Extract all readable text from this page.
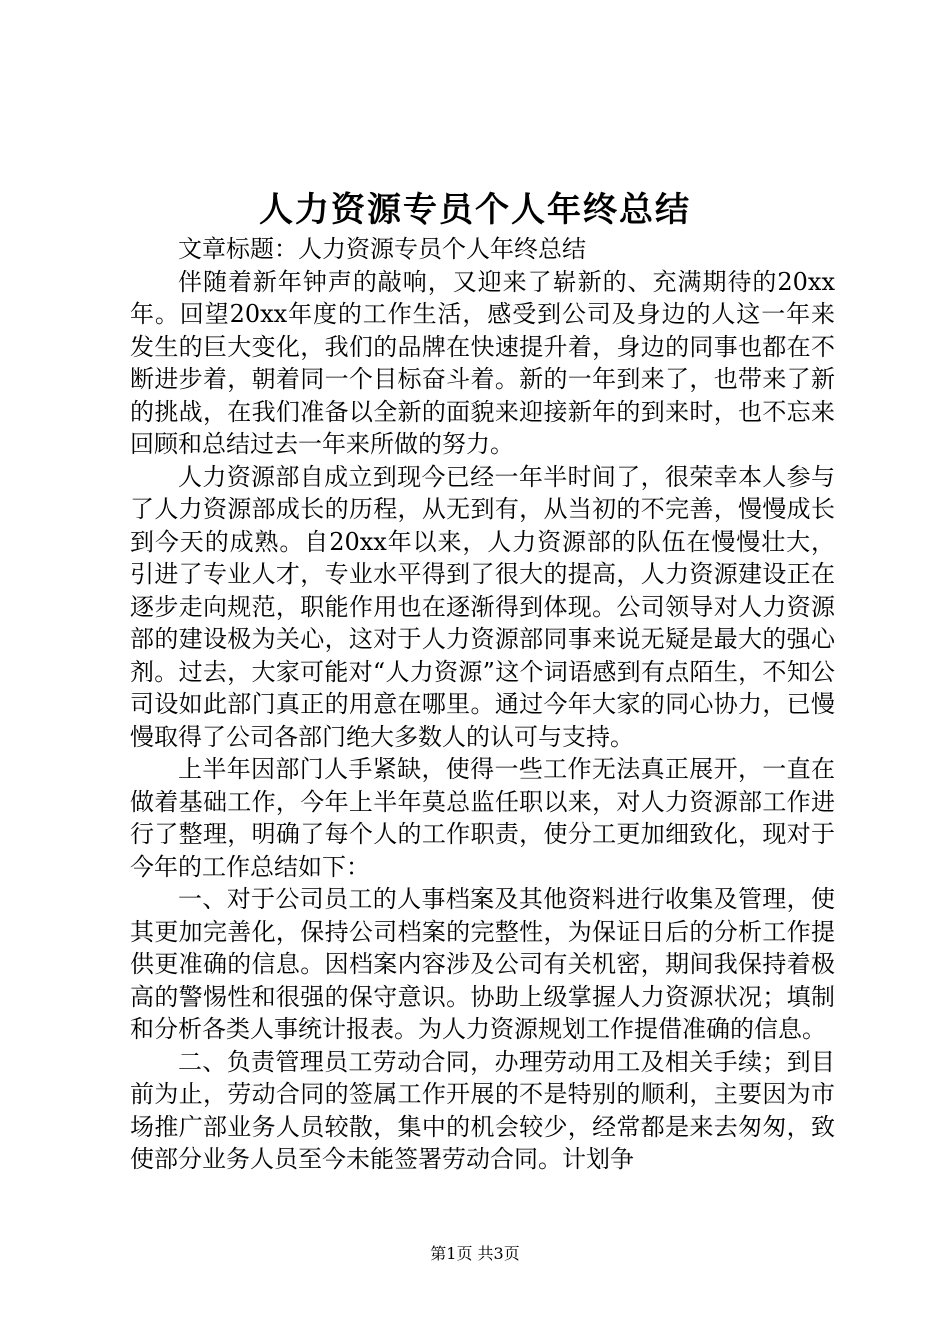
人力资源专员个人年终总结

文章标题：人力资源专员个人年终总结

伴随着新年钟声的敲响，又迎来了崭新的、充满期待的20xx年。回望20xx年度的工作生活，感受到公司及身边的人这一年来发生的巨大变化，我们的品牌在快速提升着，身边的同事也都在不断进步着，朝着同一个目标奋斗着。新的一年到来了，也带来了新的挑战，在我们准备以全新的面貌来迎接新年的到来时，也不忘来回顾和总结过去一年来所做的努力。

人力资源部自成立到现今已经一年半时间了，很荣幸本人参与了人力资源部成长的历程，从无到有，从当初的不完善，慢慢成长到今天的成熟。自20xx年以来，人力资源部的队伍在慢慢壮大，引进了专业人才，专业水平得到了很大的提高，人力资源建设正在逐步走向规范，职能作用也在逐渐得到体现。公司领导对人力资源部的建设极为关心，这对于人力资源部同事来说无疑是最大的强心剂。过去，大家可能对“人力资源”这个词语感到有点陌生，不知公司设如此部门真正的用意在哪里。通过今年大家的同心协力，已慢慢取得了公司各部门绝大多数人的认可与支持。

上半年因部门人手紧缺，使得一些工作无法真正展开，一直在做着基础工作，今年上半年莫总监任职以来，对人力资源部工作进行了整理，明确了每个人的工作职责，使分工更加细致化，现对于今年的工作总结如下：

一、对于公司员工的人事档案及其他资料进行收集及管理，使其更加完善化，保持公司档案的完整性，为保证日后的分析工作提供更准确的信息。因档案内容涉及公司有关机密，期间我保持着极高的警惕性和很强的保守意识。协助上级掌握人力资源状况；填制和分析各类人事统计报表。为人力资源规划工作提借准确的信息。

二、负责管理员工劳动合同，办理劳动用工及相关手续；到目前为止，劳动合同的签属工作开展的不是特别的顺利，主要因为市场推广部业务人员较散，集中的机会较少，经常都是来去匆匆，致使部分业务人员至今未能签署劳动合同。计划争

第1页 共3页
